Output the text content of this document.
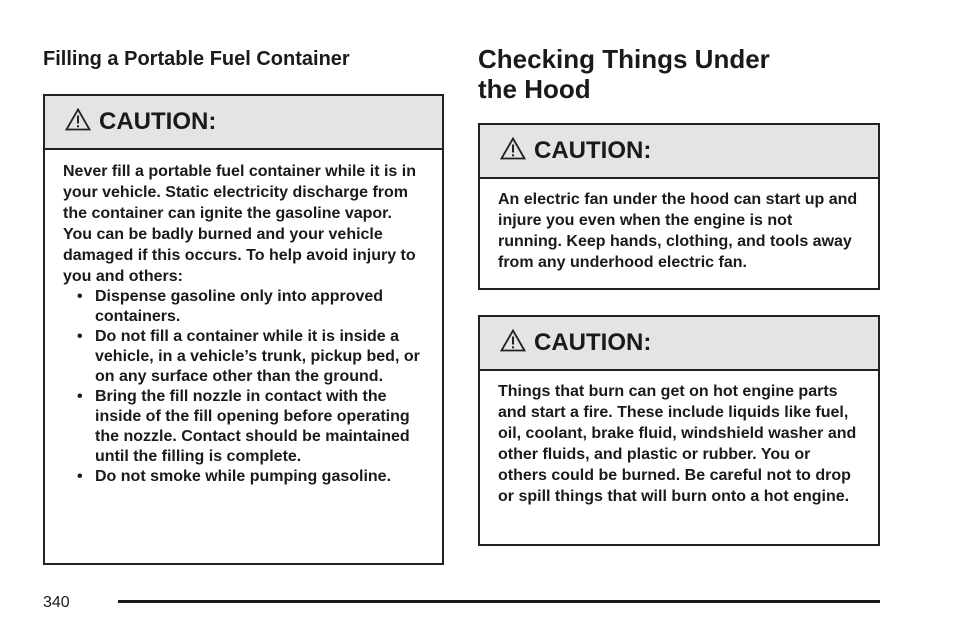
Filling a Portable Fuel Container
CAUTION:

Never fill a portable fuel container while it is in your vehicle. Static electricity discharge from the container can ignite the gasoline vapor. You can be badly burned and your vehicle damaged if this occurs. To help avoid injury to you and others:

• Dispense gasoline only into approved containers.
• Do not fill a container while it is inside a vehicle, in a vehicle’s trunk, pickup bed, or on any surface other than the ground.
• Bring the fill nozzle in contact with the inside of the fill opening before operating the nozzle. Contact should be maintained until the filling is complete.
• Do not smoke while pumping gasoline.
Checking Things Under
the Hood
CAUTION:

An electric fan under the hood can start up and injure you even when the engine is not running. Keep hands, clothing, and tools away from any underhood electric fan.

CAUTION:

Things that burn can get on hot engine parts and start a fire. These include liquids like fuel, oil, coolant, brake fluid, windshield washer and other fluids, and plastic or rubber. You or others could be burned. Be careful not to drop or spill things that will burn onto a hot engine.

340
